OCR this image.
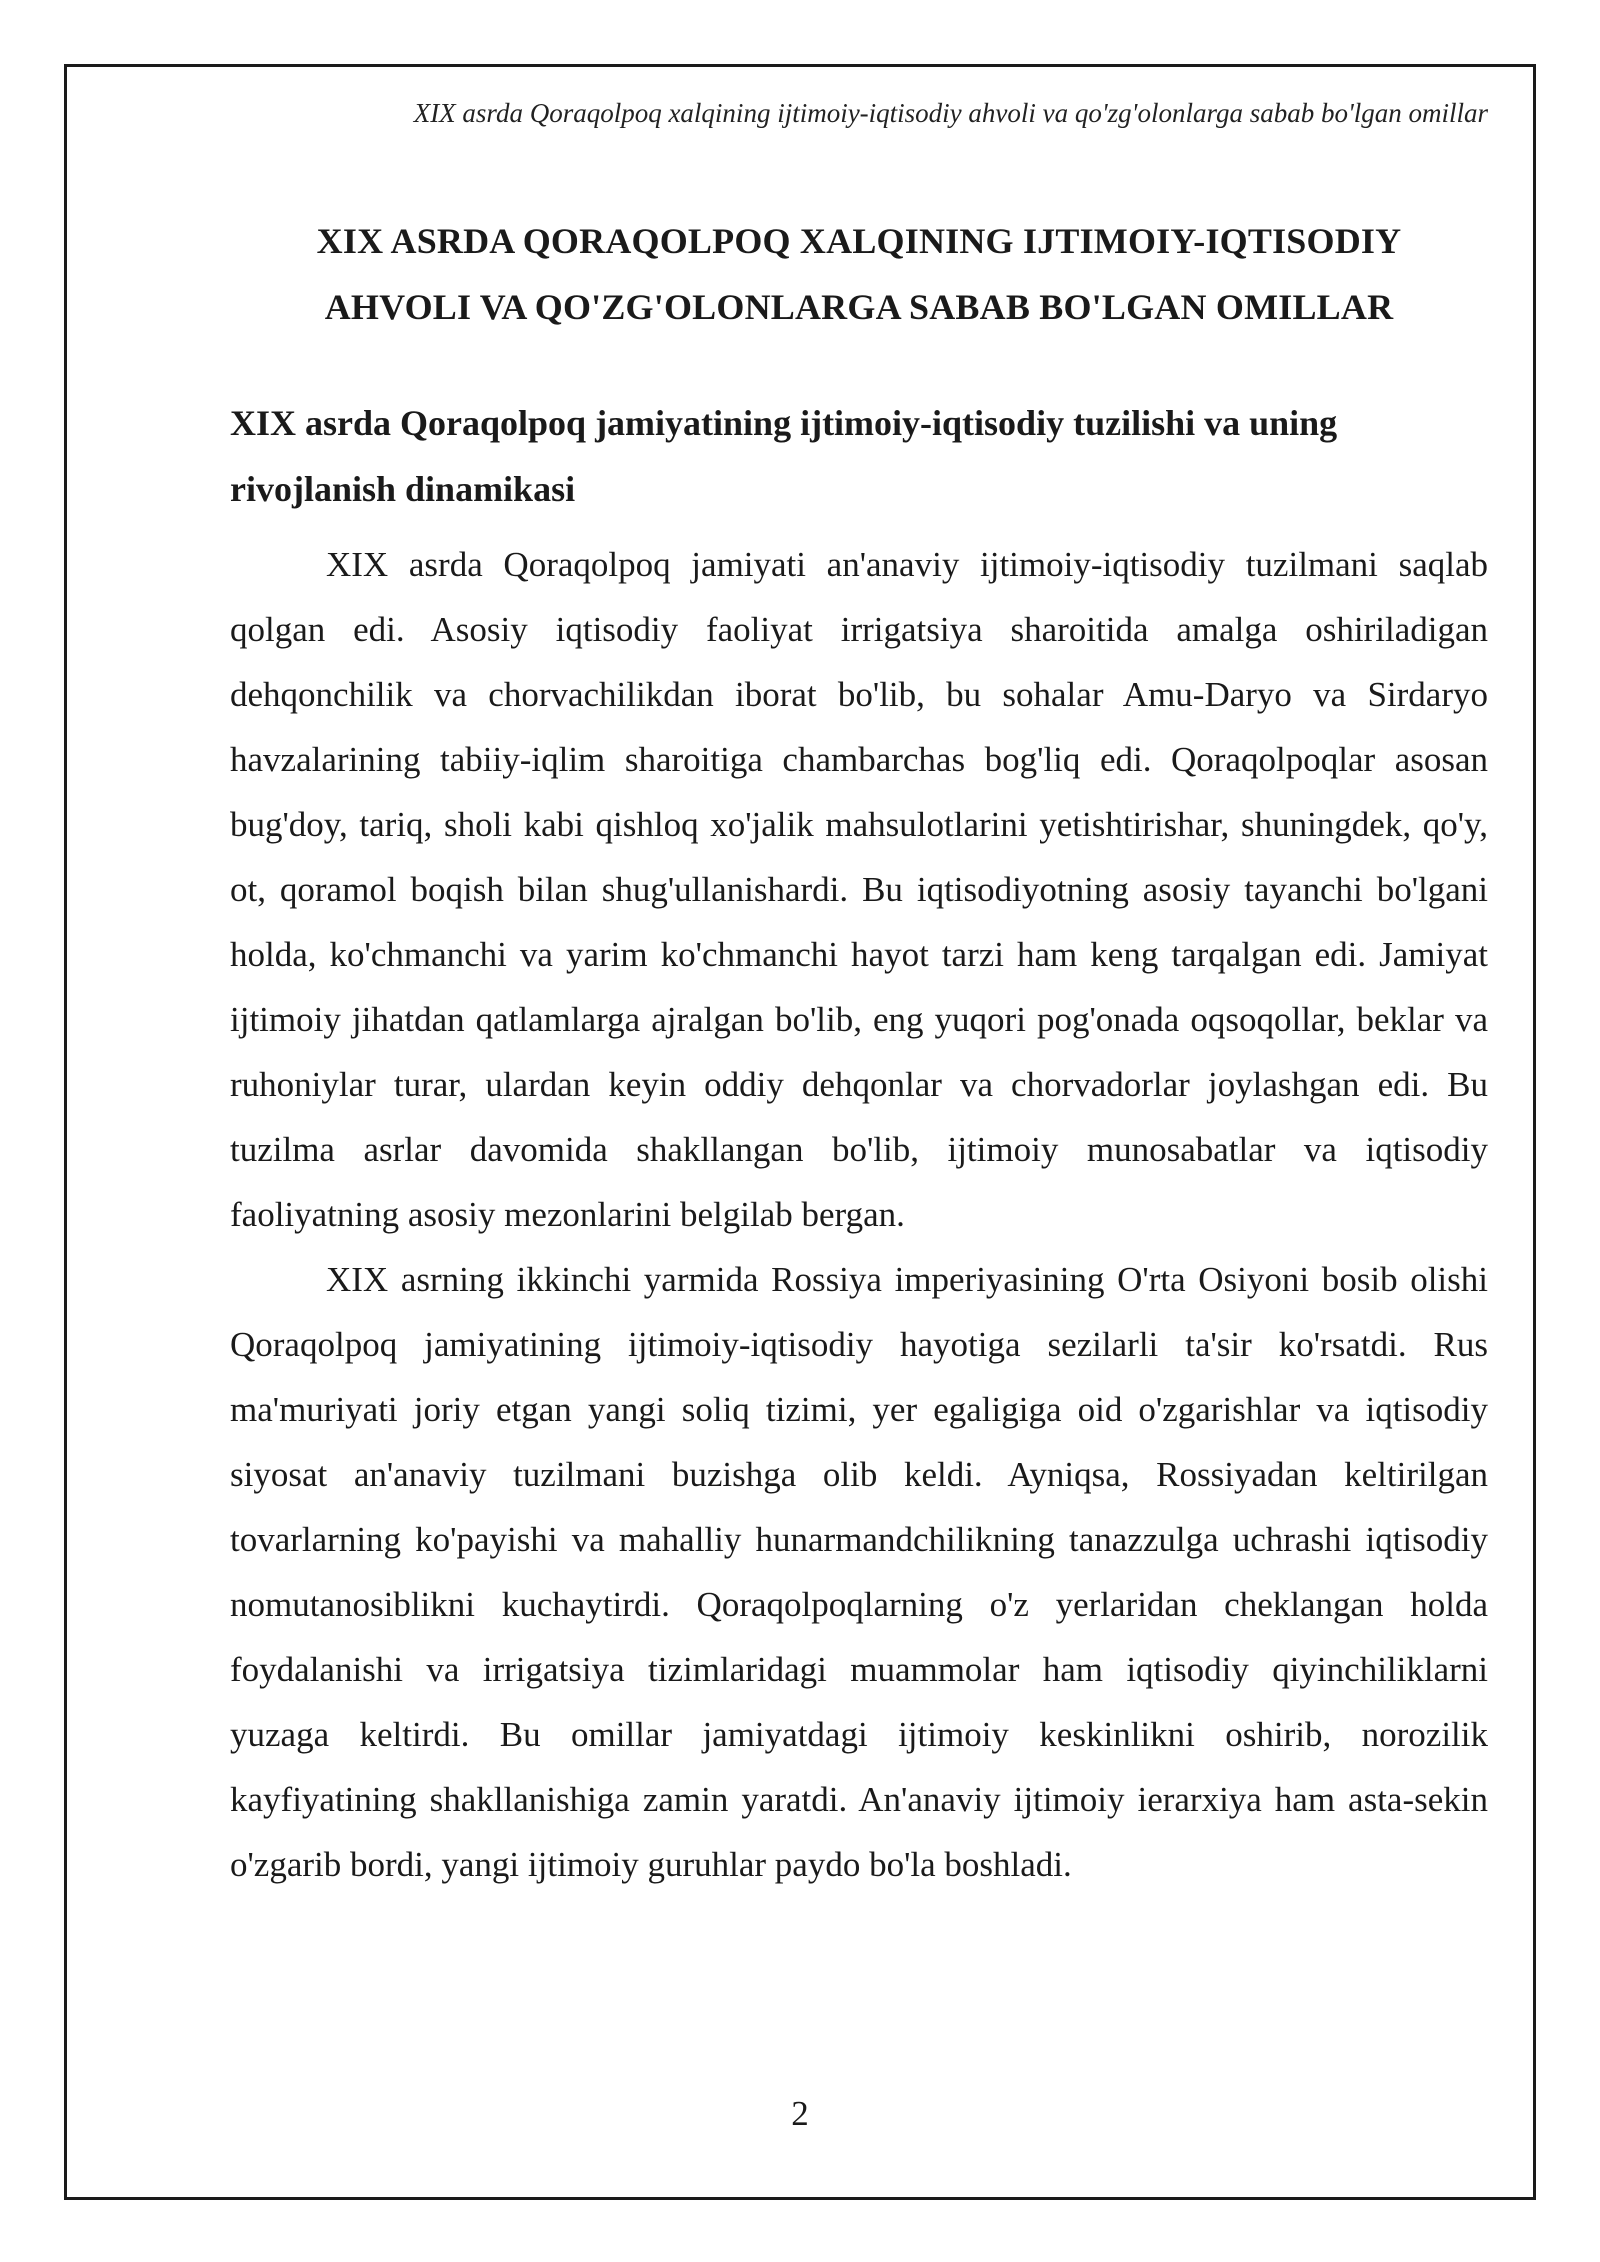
XIX asrda Qoraqolpoq xalqining ijtimoiy-iqtisodiy ahvoli va qo'zg'olonlarga sabab bo'lgan omillar
XIX ASRDA QORAQOLPOQ XALQINING IJTIMOIY-IQTISODIY
AHVOLI VA QO'ZG'OLONLARGA SABAB BO'LGAN OMILLAR
XIX asrda Qoraqolpoq jamiyatining ijtimoiy-iqtisodiy tuzilishi va uning rivojlanish dinamikasi

XIX asrda Qoraqolpoq jamiyati an'anaviy ijtimoiy-iqtisodiy tuzilmani saqlab qolgan edi. Asosiy iqtisodiy faoliyat irrigatsiya sharoitida amalga oshiriladigan dehqonchilik va chorvachilikdan iborat bo'lib, bu sohalar Amu-Daryo va Sirdaryo havzalarining tabiiy-iqlim sharoitiga chambarchas bog'liq edi. Qoraqolpoqlar asosan bug'doy, tariq, sholi kabi qishloq xo'jalik mahsulotlarini yetishtirishar, shuningdek, qo'y, ot, qoramol boqish bilan shug'ullanishardi. Bu iqtisodiyotning asosiy tayanchi bo'lgani holda, ko'chmanchi va yarim ko'chmanchi hayot tarzi ham keng tarqalgan edi. Jamiyat ijtimoiy jihatdan qatlamlarga ajralgan bo'lib, eng yuqori pog'onada oqsoqollar, beklar va ruhoniylar turar, ulardan keyin oddiy dehqonlar va chorvadorlar joylashgan edi. Bu tuzilma asrlar davomida shakllangan bo'lib, ijtimoiy munosabatlar va iqtisodiy faoliyatning asosiy mezonlarini belgilab bergan.

XIX asrning ikkinchi yarmida Rossiya imperiyasining O'rta Osiyoni bosib olishi Qoraqolpoq jamiyatining ijtimoiy-iqtisodiy hayotiga sezilarli ta'sir ko'rsatdi. Rus ma'muriyati joriy etgan yangi soliq tizimi, yer egaligiga oid o'zgarishlar va iqtisodiy siyosat an'anaviy tuzilmani buzishga olib keldi. Ayniqsa, Rossiyadan keltirilgan tovarlarning ko'payishi va mahalliy hunarmandchilikning tanazzulga uchrashi iqtisodiy nomutanosiblikni kuchaytirdi. Qoraqolpoqlarning o'z yerlaridan cheklangan holda foydalanishi va irrigatsiya tizimlaridagi muammolar ham iqtisodiy qiyinchiliklarni yuzaga keltirdi. Bu omillar jamiyatdagi ijtimoiy keskinlikni oshirib, norozilik kayfiyatining shakllanishiga zamin yaratdi. An'anaviy ijtimoiy ierarxiya ham asta-sekin o'zgarib bordi, yangi ijtimoiy guruhlar paydo bo'la boshladi.

2
